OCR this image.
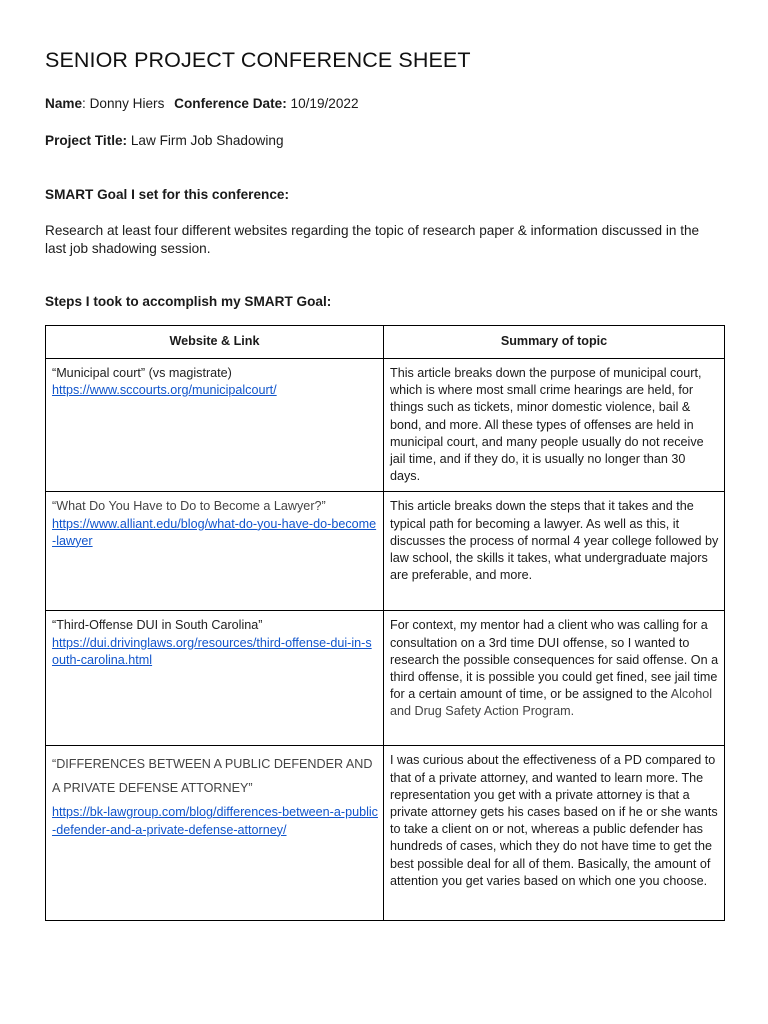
SENIOR PROJECT CONFERENCE SHEET

Name: Donny Hiers Conference Date: 10/19/2022

Project Title: Law Firm Job Shadowing

SMART Goal I set for this conference:

Research at least four different websites regarding the topic of research paper & information discussed in the last job shadowing session.

Steps I took to accomplish my SMART Goal:

Website & Link	Summary of topic

“Municipal court” (vs magistrate)
https://www.sccourts.org/municipalcourt/	This article breaks down the purpose of municipal court, which is where most small crime hearings are held, for things such as tickets, minor domestic violence, bail & bond, and more. All these types of offenses are held in municipal court, and many people usually do not receive jail time, and if they do, it is usually no longer than 30 days.

“What Do You Have to Do to Become a Lawyer?”
https://www.alliant.edu/blog/what-do-you-have-do-become-lawyer	This article breaks down the steps that it takes and the typical path for becoming a lawyer. As well as this, it discusses the process of normal 4 year college followed by law school, the skills it takes, what undergraduate majors are preferable, and more.

“Third-Offense DUI in South Carolina”
https://dui.drivinglaws.org/resources/third-offense-dui-in-south-carolina.html	For context, my mentor had a client who was calling for a consultation on a 3rd time DUI offense, so I wanted to research the possible consequences for said offense. On a third offense, it is possible you could get fined, see jail time for a certain amount of time, or be assigned to the Alcohol and Drug Safety Action Program.

“DIFFERENCES BETWEEN A PUBLIC DEFENDER AND A PRIVATE DEFENSE ATTORNEY”
https://bk-lawgroup.com/blog/differences-between-a-public-defender-and-a-private-defense-attorney/	I was curious about the effectiveness of a PD compared to that of a private attorney, and wanted to learn more. The representation you get with a private attorney is that a private attorney gets his cases based on if he or she wants to take a client on or not, whereas a public defender has hundreds of cases, which they do not have time to get the best possible deal for all of them. Basically, the amount of attention you get varies based on which one you choose.
